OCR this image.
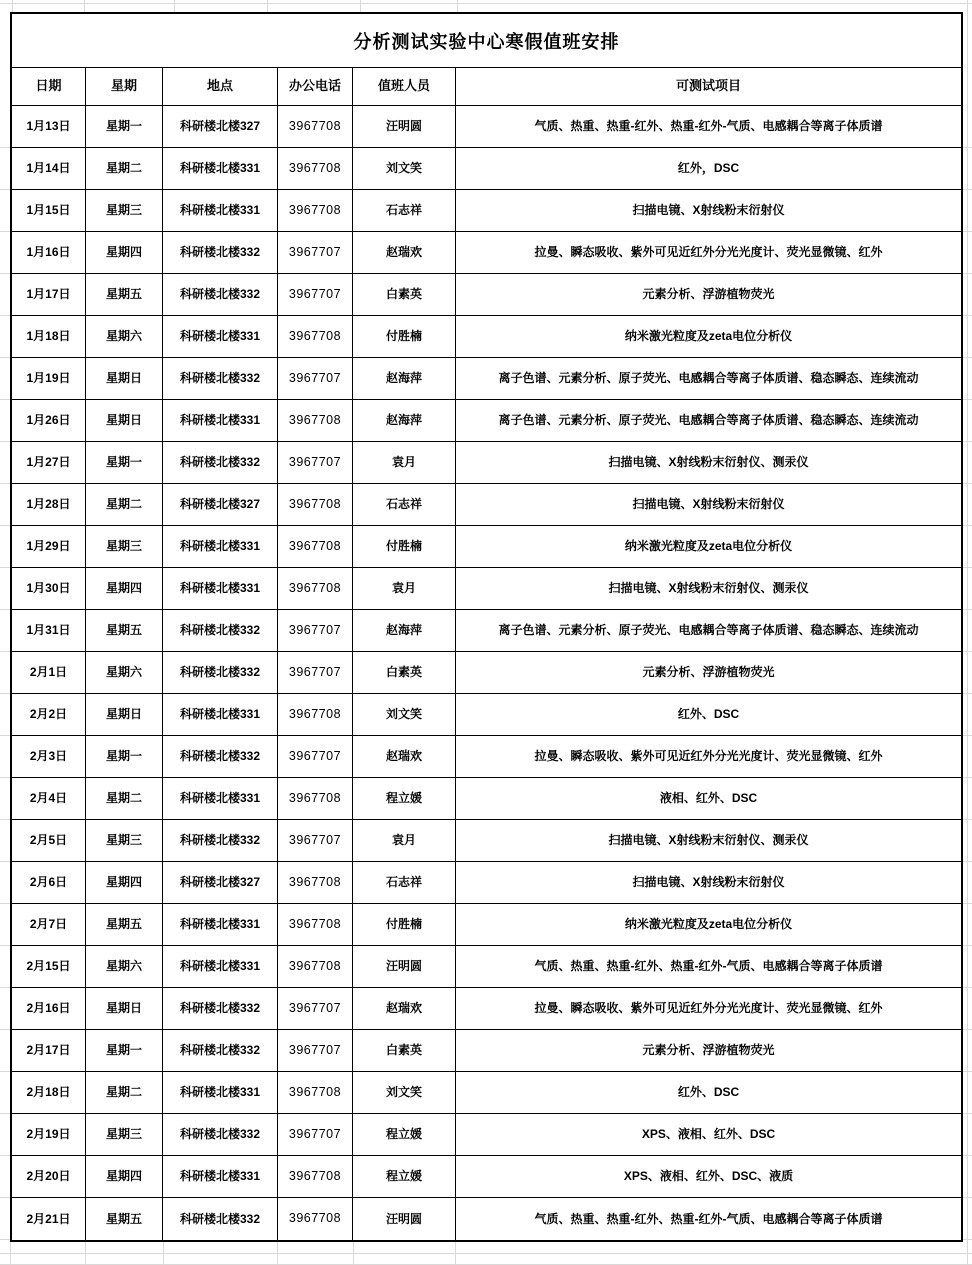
分析测试实验中心寒假值班安排
日期	星期	地点	办公电话	值班人员	可测试项目
1月13日	星期一	科研楼北楼327	3967708	汪明圆	气质、热重、热重-红外、热重-红外-气质、电感耦合等离子体质谱
1月14日	星期二	科研楼北楼331	3967708	刘文笑	红外，DSC
1月15日	星期三	科研楼北楼331	3967708	石志祥	扫描电镜、X射线粉末衍射仪
1月16日	星期四	科研楼北楼332	3967707	赵瑞欢	拉曼、瞬态吸收、紫外可见近红外分光光度计、荧光显微镜、红外
1月17日	星期五	科研楼北楼332	3967707	白素英	元素分析、浮游植物荧光
1月18日	星期六	科研楼北楼331	3967708	付胜楠	纳米激光粒度及zeta电位分析仪
1月19日	星期日	科研楼北楼332	3967707	赵海萍	离子色谱、元素分析、原子荧光、电感耦合等离子体质谱、稳态瞬态、连续流动
1月26日	星期日	科研楼北楼331	3967708	赵海萍	离子色谱、元素分析、原子荧光、电感耦合等离子体质谱、稳态瞬态、连续流动
1月27日	星期一	科研楼北楼332	3967707	袁月	扫描电镜、X射线粉末衍射仪、测汞仪
1月28日	星期二	科研楼北楼327	3967708	石志祥	扫描电镜、X射线粉末衍射仪
1月29日	星期三	科研楼北楼331	3967708	付胜楠	纳米激光粒度及zeta电位分析仪
1月30日	星期四	科研楼北楼331	3967708	袁月	扫描电镜、X射线粉末衍射仪、测汞仪
1月31日	星期五	科研楼北楼332	3967707	赵海萍	离子色谱、元素分析、原子荧光、电感耦合等离子体质谱、稳态瞬态、连续流动
2月1日	星期六	科研楼北楼332	3967707	白素英	元素分析、浮游植物荧光
2月2日	星期日	科研楼北楼331	3967708	刘文笑	红外、DSC
2月3日	星期一	科研楼北楼332	3967707	赵瑞欢	拉曼、瞬态吸收、紫外可见近红外分光光度计、荧光显微镜、红外
2月4日	星期二	科研楼北楼331	3967708	程立媛	液相、红外、DSC
2月5日	星期三	科研楼北楼332	3967707	袁月	扫描电镜、X射线粉末衍射仪、测汞仪
2月6日	星期四	科研楼北楼327	3967708	石志祥	扫描电镜、X射线粉末衍射仪
2月7日	星期五	科研楼北楼331	3967708	付胜楠	纳米激光粒度及zeta电位分析仪
2月15日	星期六	科研楼北楼331	3967708	汪明圆	气质、热重、热重-红外、热重-红外-气质、电感耦合等离子体质谱
2月16日	星期日	科研楼北楼332	3967707	赵瑞欢	拉曼、瞬态吸收、紫外可见近红外分光光度计、荧光显微镜、红外
2月17日	星期一	科研楼北楼332	3967707	白素英	元素分析、浮游植物荧光
2月18日	星期二	科研楼北楼331	3967708	刘文笑	红外、DSC
2月19日	星期三	科研楼北楼332	3967707	程立媛	XPS、液相、红外、DSC
2月20日	星期四	科研楼北楼331	3967708	程立媛	XPS、液相、红外、DSC、液质
2月21日	星期五	科研楼北楼332	3967708	汪明圆	气质、热重、热重-红外、热重-红外-气质、电感耦合等离子体质谱
